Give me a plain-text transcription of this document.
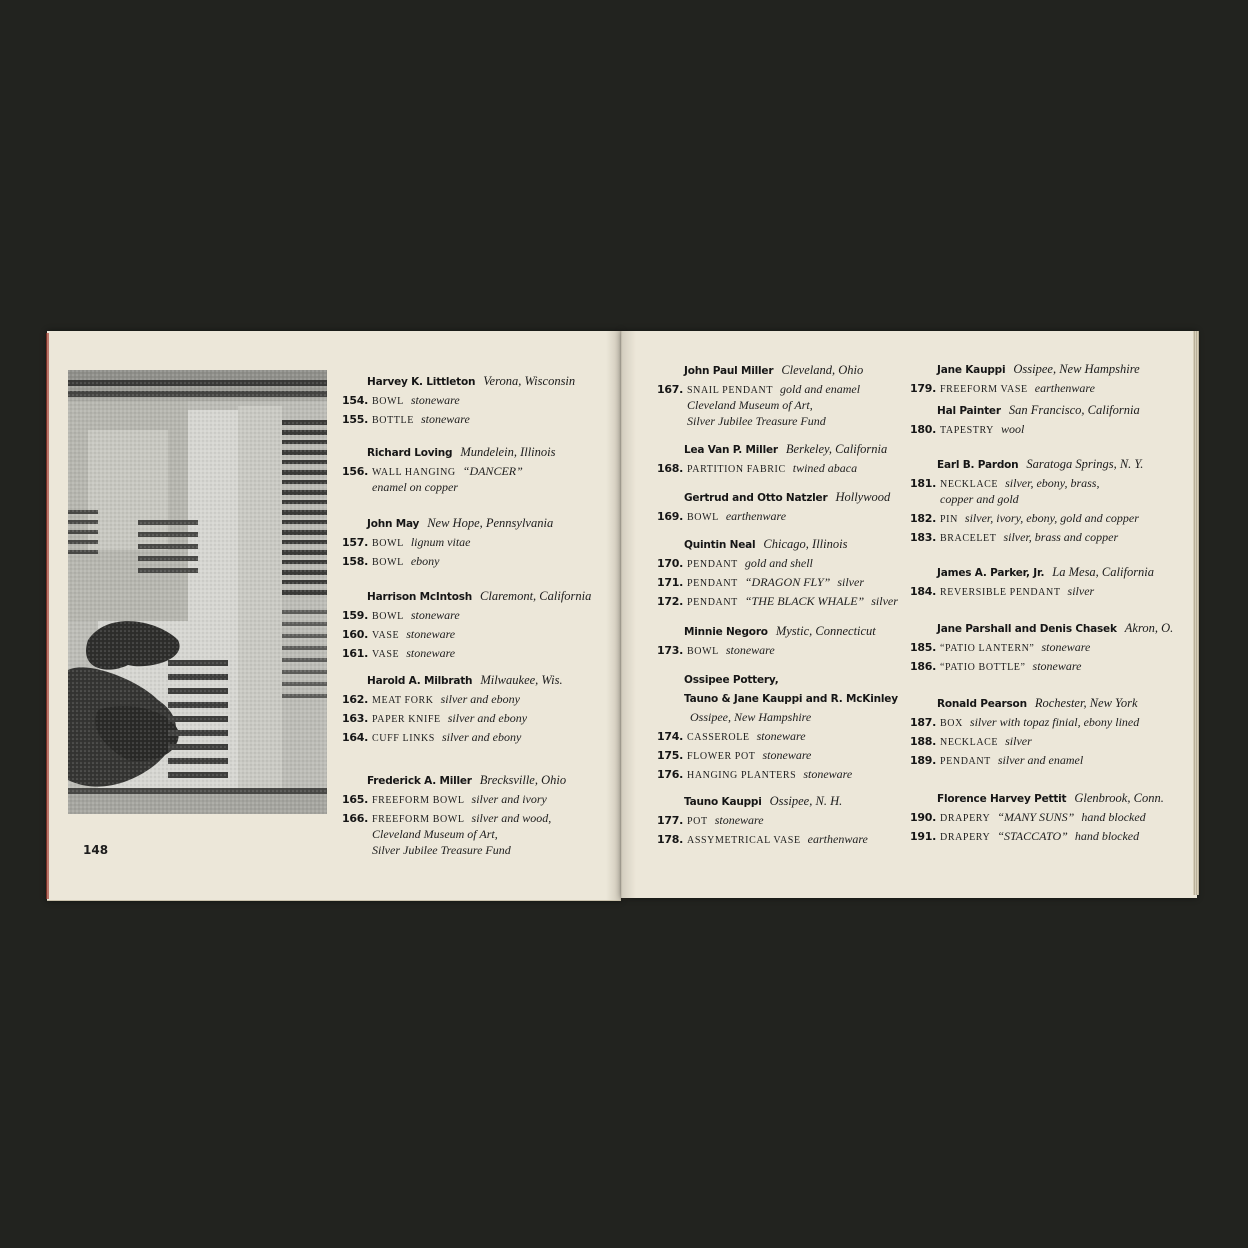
148
Harvey K. Littleton Verona, Wisconsin
154. BOWL stoneware
155. BOTTLE stoneware
Richard Loving Mundelein, Illinois
156. WALL HANGING “DANCER”
enamel on copper
John May New Hope, Pennsylvania
157. BOWL lignum vitae
158. BOWL ebony
Harrison McIntosh Claremont, California
159. BOWL stoneware
160. VASE stoneware
161. VASE stoneware
Harold A. Milbrath Milwaukee, Wis.
162. MEAT FORK silver and ebony
163. PAPER KNIFE silver and ebony
164. CUFF LINKS silver and ebony
Frederick A. Miller Brecksville, Ohio
165. FREEFORM BOWL silver and ivory
166. FREEFORM BOWL silver and wood,
Cleveland Museum of Art,
Silver Jubilee Treasure Fund
John Paul Miller Cleveland, Ohio
167. SNAIL PENDANT gold and enamel
Cleveland Museum of Art,
Silver Jubilee Treasure Fund
Lea Van P. Miller Berkeley, California
168. PARTITION FABRIC twined abaca
Gertrud and Otto Natzler Hollywood
169. BOWL earthenware
Quintin Neal Chicago, Illinois
170. PENDANT gold and shell
171. PENDANT “DRAGON FLY” silver
172. PENDANT “THE BLACK WHALE” silver
Minnie Negoro Mystic, Connecticut
173. BOWL stoneware
Ossipee Pottery,
Tauno & Jane Kauppi and R. McKinley
Ossipee, New Hampshire
174. CASSEROLE stoneware
175. FLOWER POT stoneware
176. HANGING PLANTERS stoneware
Tauno Kauppi Ossipee, N. H.
177. POT stoneware
178. ASSYMETRICAL VASE earthenware
Jane Kauppi Ossipee, New Hampshire
179. FREEFORM VASE earthenware
Hal Painter San Francisco, California
180. TAPESTRY wool
Earl B. Pardon Saratoga Springs, N. Y.
181. NECKLACE silver, ebony, brass,
copper and gold
182. PIN silver, ivory, ebony, gold and copper
183. BRACELET silver, brass and copper
James A. Parker, Jr. La Mesa, California
184. REVERSIBLE PENDANT silver
Jane Parshall and Denis Chasek Akron, O.
185. “PATIO LANTERN” stoneware
186. “PATIO BOTTLE” stoneware
Ronald Pearson Rochester, New York
187. BOX silver with topaz finial, ebony lined
188. NECKLACE silver
189. PENDANT silver and enamel
Florence Harvey Pettit Glenbrook, Conn.
190. DRAPERY “MANY SUNS” hand blocked
191. DRAPERY “STACCATO” hand blocked
